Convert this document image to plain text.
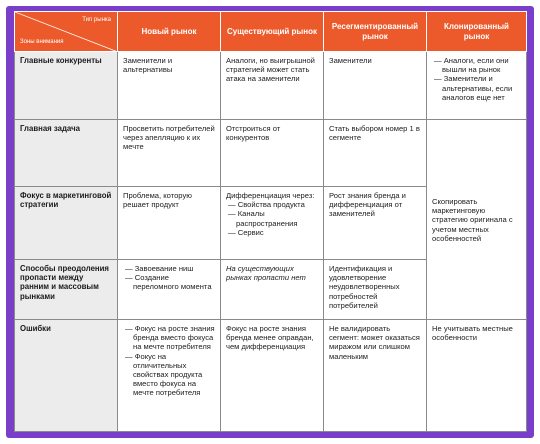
Тип рынка
Зоны внимания	Новый рынок	Существующий рынок	Ресегментированный рынок	Клонированный рынок
Главные конкуренты	Заменители и альтернативы	Аналоги, но выигрышной стратегией может стать атака на заменители	Заменители	— Аналоги, если они вышли на рынок
— Заменители и альтернативы, если аналогов еще нет

Главная задача	Просветить потребителей через апелляцию к их мечте	Отстроиться от конкурентов	Стать выбором номер 1 в сегменте	Скопировать маркетинговую стратегию оригинала с учетом местных особенностей
Фокус в маркетинговой стратегии	Проблема, которую решает продукт	Дифференциация через:
— Свойства продукта
— Каналы распространения
— Сервис	Рост знания бренда и дифференциация от заменителей	
Способы преодоления пропасти между ранним и массовым рынками	— Завоевание ниш
— Создание переломного момента	На существующих рынках пропасти нет	Идентификация и удовлетворение неудовлетворенных потребностей потребителей	
Ошибки	— Фокус на росте знания бренда вместо фокуса на мечте потребителя
— Фокус на отличительных свойствах продукта вместо фокуса на мечте потребителя	Фокус на росте знания бренда менее оправдан, чем дифференциация	Не валидировать сегмент: может оказаться миражом или слишком маленьким	Не учитывать местные особенности
